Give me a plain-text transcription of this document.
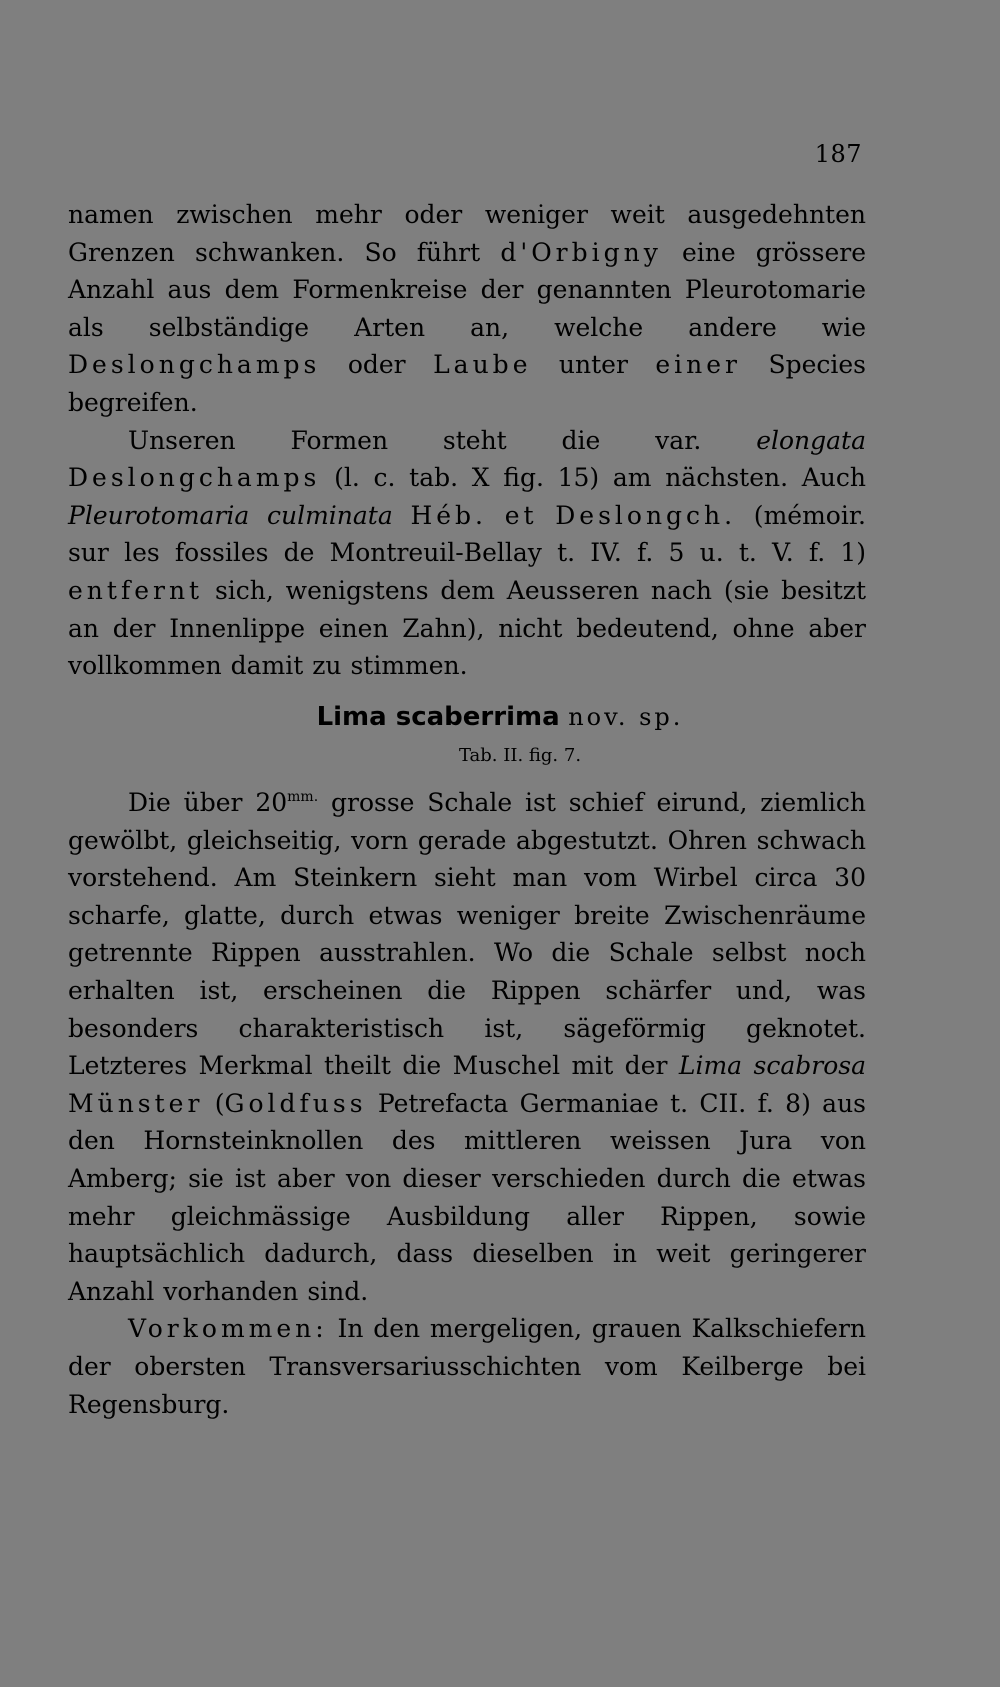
187

namen zwischen mehr oder weniger weit ausgedehnten Grenzen schwanken. So führt d'Orbigny eine grössere Anzahl aus dem Formenkreise der genannten Pleurotomarie als selbständige Arten an, welche andere wie Deslongchamps oder Laube unter einer Species begreifen.

Unseren Formen steht die var. elongata Deslongchamps (l. c. tab. X fig. 15) am nächsten. Auch Pleurotomaria culminata Héb. et Deslongch. (mémoir. sur les fossiles de Montreuil-Bellay t. IV. f. 5 u. t. V. f. 1) entfernt sich, wenigstens dem Aeusseren nach (sie besitzt an der Innenlippe einen Zahn), nicht bedeutend, ohne aber vollkommen damit zu stimmen.

Lima scaberrima nov. sp.
Tab. II. fig. 7.

Die über $20^{mm.}$ grosse Schale ist schief eirund, ziemlich gewölbt, gleichseitig, vorn gerade abgestutzt. Ohren schwach vorstehend. Am Steinkern sieht man vom Wirbel circa 30 scharfe, glatte, durch etwas weniger breite Zwischenräume getrennte Rippen ausstrahlen. Wo die Schale selbst noch erhalten ist, erscheinen die Rippen schärfer und, was besonders charakteristisch ist, sägeförmig geknotet. Letzteres Merkmal theilt die Muschel mit der Lima scabrosa Münster (Goldfuss Petrefacta Germaniae t. CII. f. 8) aus den Hornsteinknollen des mittleren weissen Jura von Amberg; sie ist aber von dieser verschieden durch die etwas mehr gleichmässige Ausbildung aller Rippen, sowie hauptsächlich dadurch, dass dieselben in weit geringerer Anzahl vorhanden sind.

Vorkommen: In den mergeligen, grauen Kalkschiefern der obersten Transversariusschichten vom Keilberge bei Regensburg.
